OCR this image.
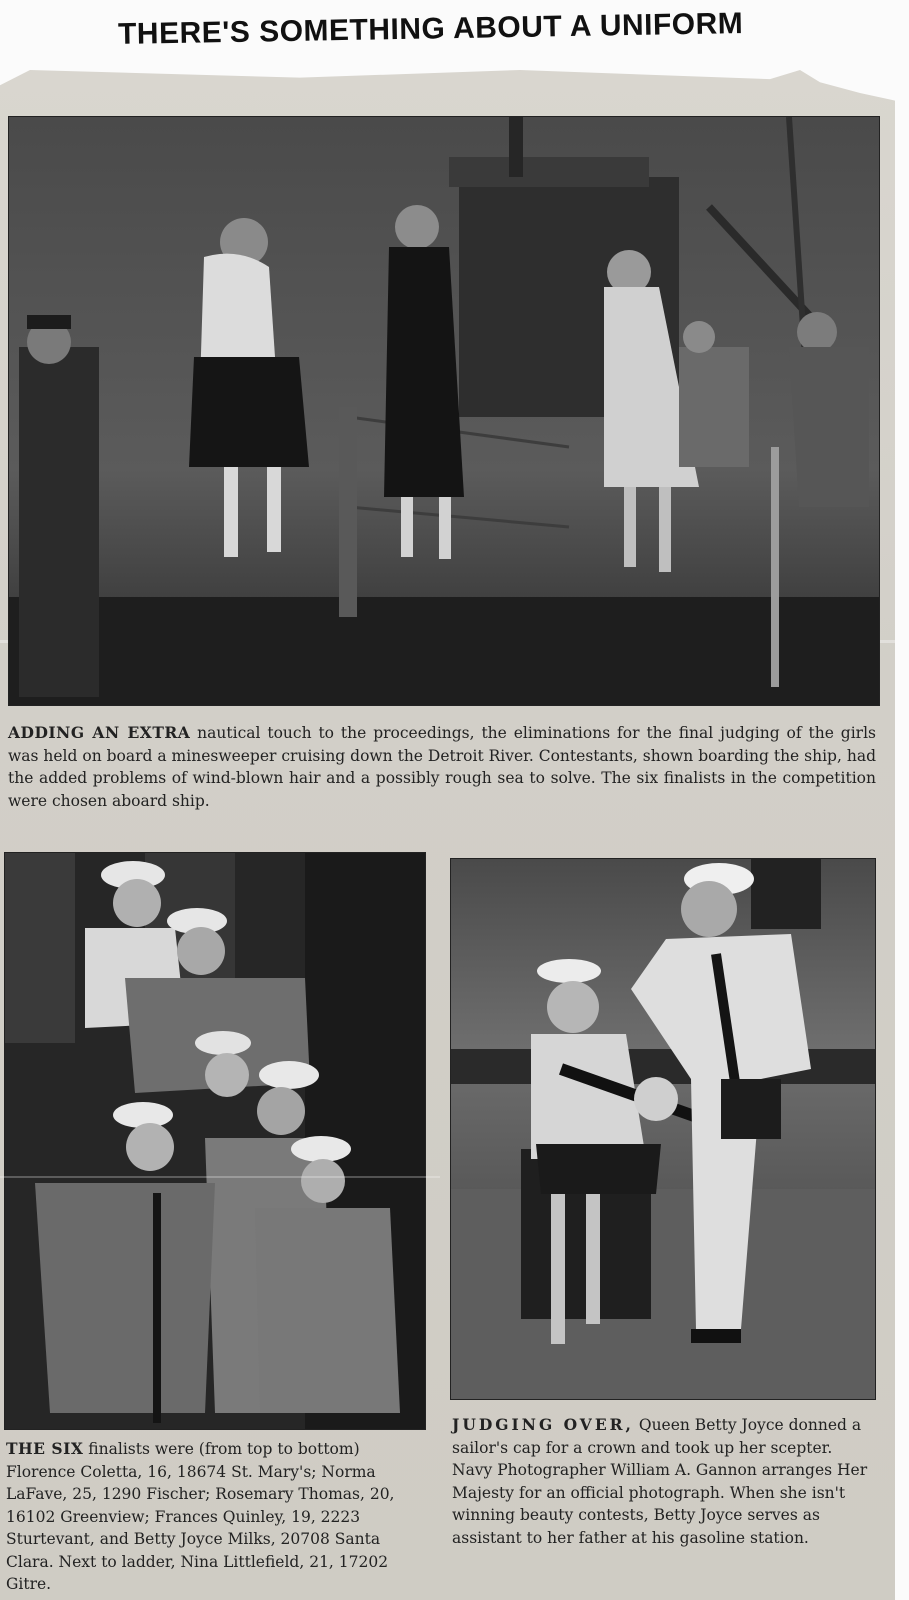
THERE'S SOMETHING ABOUT A UNIFORM

ADDING AN EXTRA nautical touch to the proceedings, the eliminations for the final judging of the girls was held on board a minesweeper cruising down the Detroit River. Contestants, shown boarding the ship, had the added problems of wind-blown hair and a possibly rough sea to solve. The six finalists in the competition were chosen aboard ship.

THE SIX finalists were (from top to bottom) Florence Coletta, 16, 18674 St. Mary's; Norma LaFave, 25, 1290 Fischer; Rosemary Thomas, 20, 16102 Greenview; Frances Quinley, 19, 2223 Sturtevant, and Betty Joyce Milks, 20708 Santa Clara. Next to ladder, Nina Littlefield, 21, 17202 Gitre.

JUDGING OVER, Queen Betty Joyce donned a sailor's cap for a crown and took up her scepter. Navy Photographer William A. Gannon arranges Her Majesty for an official photograph. When she isn't winning beauty contests, Betty Joyce serves as assistant to her father at his gasoline station.
